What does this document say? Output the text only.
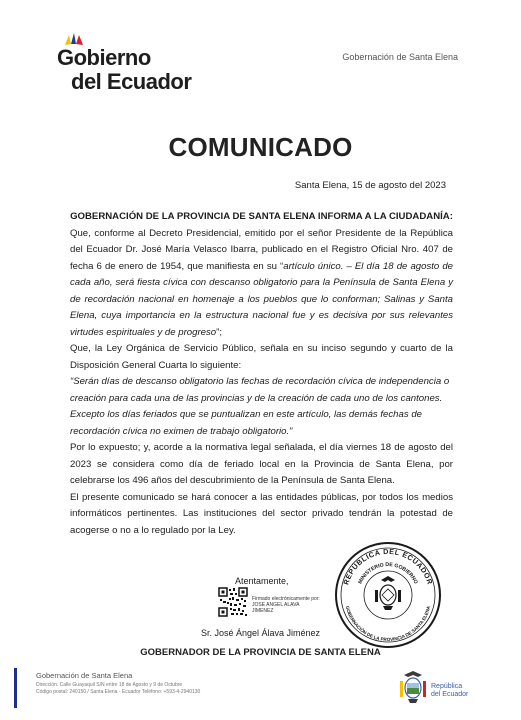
Gobierno
del Ecuador
Gobernación de Santa Elena
COMUNICADO
Santa Elena, 15 de agosto del 2023

GOBERNACIÓN DE LA PROVINCIA DE SANTA ELENA INFORMA A LA CIUDADANÍA:

Que, conforme al Decreto Presidencial, emitido por el señor Presidente de la República del Ecuador Dr. José María Velasco Ibarra, publicado en el Registro Oficial Nro. 407 de fecha 6 de enero de 1954, que manifiesta en su “artículo único. – El día 18 de agosto de cada año, será fiesta cívica con descanso obligatorio para la Península de Santa Elena y de recordación nacional en homenaje a los pueblos que lo conforman; Salinas y Santa Elena, cuya importancia en la estructura nacional fue y es decisiva por sus relevantes virtudes espirituales y de progreso”;

Que, la Ley Orgánica de Servicio Público, señala en su inciso segundo y cuarto de la Disposición General Cuarta lo siguiente:

“Serán días de descanso obligatorio las fechas de recordación cívica de independencia o creación para cada una de las provincias y de la creación de cada uno de los cantones. Excepto los días feriados que se puntualizan en este artículo, las demás fechas de recordación cívica no eximen de trabajo obligatorio.”

Por lo expuesto; y, acorde a la normativa legal señalada, el día viernes 18 de agosto del 2023 se considera como día de feriado local en la Provincia de Santa Elena, por celebrarse los 496 años del descubrimiento de la Península de Santa Elena.

El presente comunicado se hará conocer a las entidades públicas, por todos los medios informáticos pertinentes. Las instituciones del sector privado tendrán la potestad de acogerse o no a lo regulado por la Ley.

Atentamente,
Firmado electrónicamente por:
JOSE ANGEL ALAVA
JIMENEZ
Sr. José Ángel Álava Jiménez
GOBERNADOR DE LA PROVINCIA DE SANTA ELENA
REPÚBLICA DEL ECUADOR
MINISTERIO DE GOBIERNO
GOBERNACIÓN DE LA PROVINCIA DE SANTA ELENA
Gobernación de Santa Elena
Dirección: Calle Guayaquil S/N entre 18 de Agosto y 9 de Octubre
Código postal: 240150 / Santa Elena - Ecuador Teléfono: +593-4-2940130
República
del Ecuador
